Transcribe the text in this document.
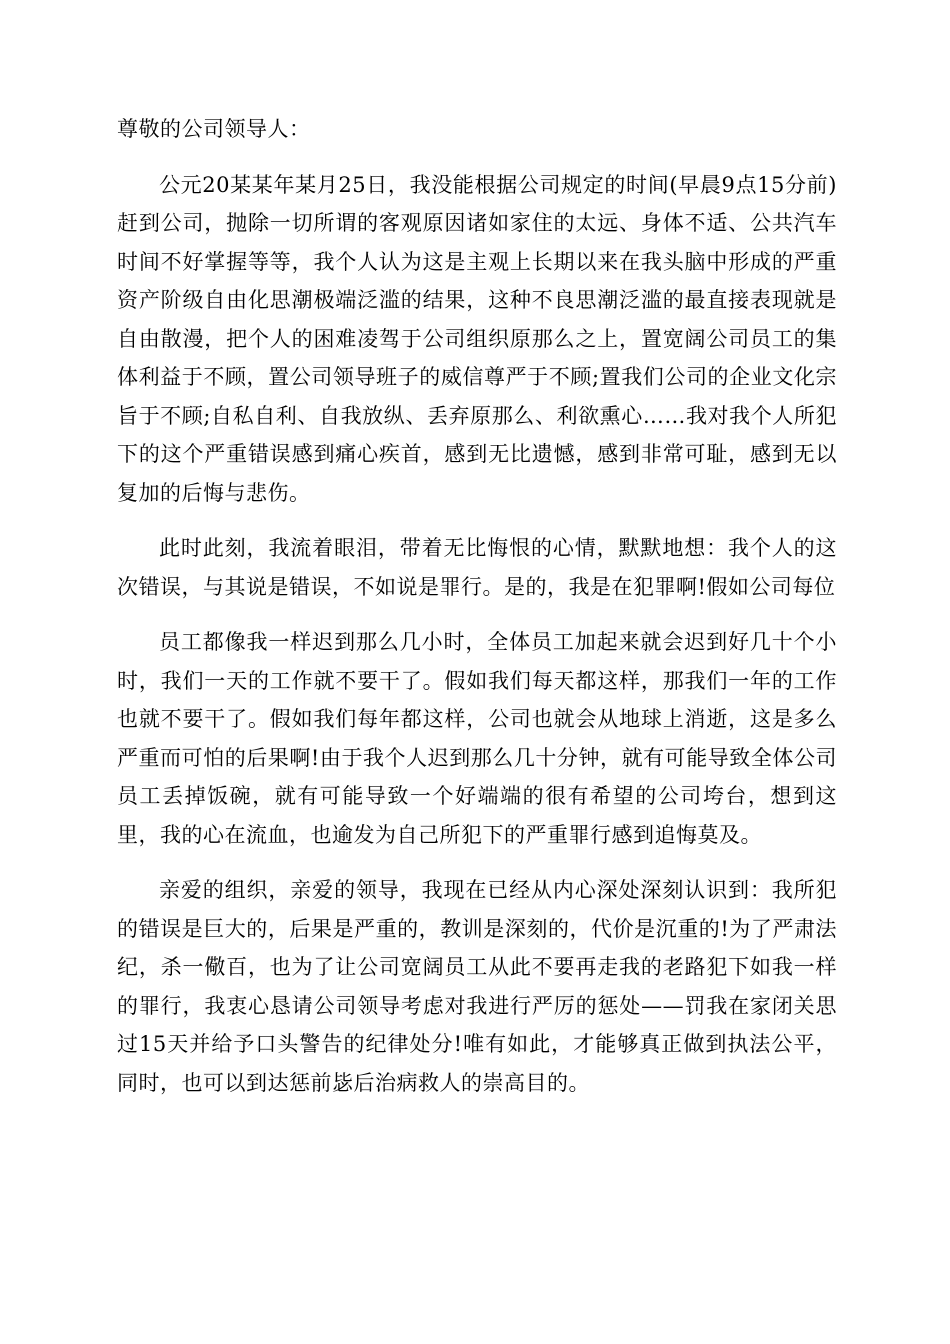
尊敬的公司领导人：

公元20某某年某月25日，我没能根据公司规定的时间(早晨9点15分前)赶到公司，抛除一切所谓的客观原因诸如家住的太远、身体不适、公共汽车时间不好掌握等等，我个人认为这是主观上长期以来在我头脑中形成的严重资产阶级自由化思潮极端泛滥的结果，这种不良思潮泛滥的最直接表现就是自由散漫，把个人的困难凌驾于公司组织原那么之上，置宽阔公司员工的集体利益于不顾，置公司领导班子的威信尊严于不顾;置我们公司的企业文化宗旨于不顾;自私自利、自我放纵、丢弃原那么、利欲熏心……我对我个人所犯下的这个严重错误感到痛心疾首，感到无比遗憾，感到非常可耻，感到无以复加的后悔与悲伤。

此时此刻，我流着眼泪，带着无比悔恨的心情，默默地想：我个人的这次错误，与其说是错误，不如说是罪行。是的，我是在犯罪啊!假如公司每位

员工都像我一样迟到那么几小时，全体员工加起来就会迟到好几十个小时，我们一天的工作就不要干了。假如我们每天都这样，那我们一年的工作也就不要干了。假如我们每年都这样，公司也就会从地球上消逝，这是多么严重而可怕的后果啊!由于我个人迟到那么几十分钟，就有可能导致全体公司员工丢掉饭碗，就有可能导致一个好端端的很有希望的公司垮台，想到这里，我的心在流血，也逾发为自己所犯下的严重罪行感到追悔莫及。

亲爱的组织，亲爱的领导，我现在已经从内心深处深刻认识到：我所犯的错误是巨大的，后果是严重的，教训是深刻的，代价是沉重的!为了严肃法纪，杀一儆百，也为了让公司宽阔员工从此不要再走我的老路犯下如我一样的罪行，我衷心恳请公司领导考虑对我进行严厉的惩处——罚我在家闭关思过15天并给予口头警告的纪律处分!唯有如此，才能够真正做到执法公平，同时，也可以到达惩前毖后治病救人的崇高目的。
